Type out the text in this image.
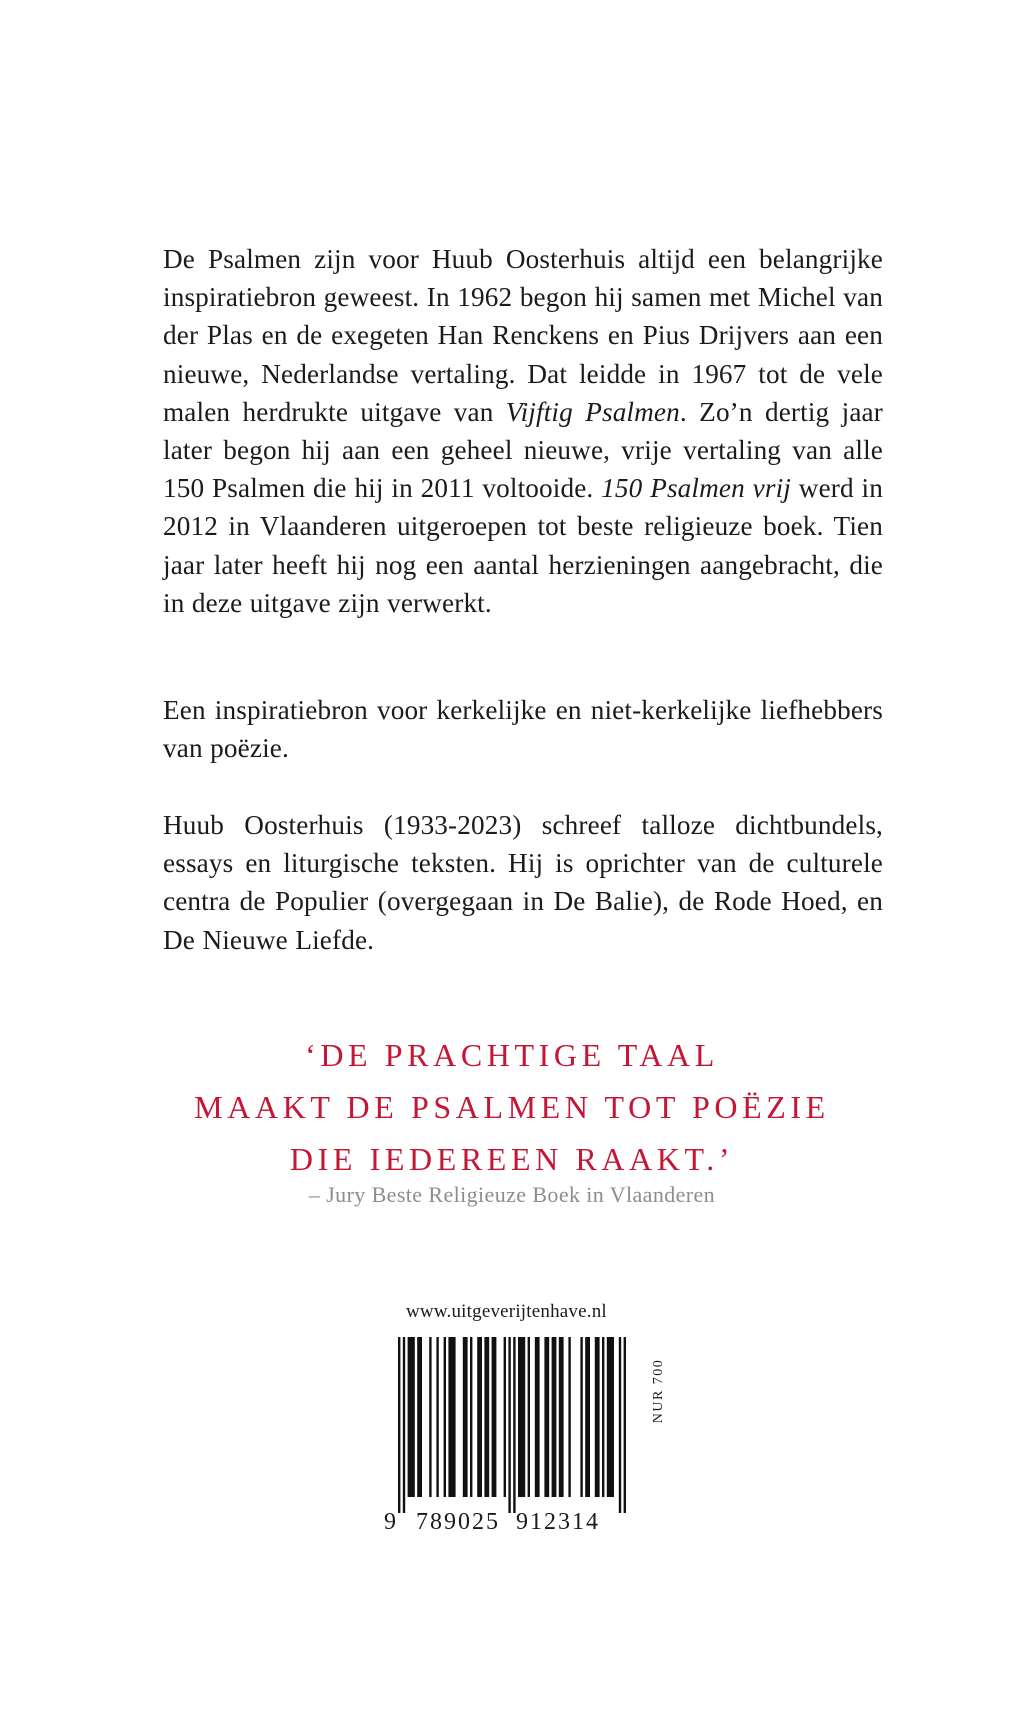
De Psalmen zijn voor Huub Oosterhuis altijd een belangrijke inspiratiebron geweest. In 1962 begon hij samen met Michel van der Plas en de exegeten Han Renckens en Pius Drijvers aan een nieuwe, Nederlandse vertaling. Dat leidde in 1967 tot de vele malen herdrukte uitgave van Vijftig Psalmen. Zo’n dertig jaar later begon hij aan een geheel nieuwe, vrije vertaling van alle 150 Psalmen die hij in 2011 voltooide. 150 Psalmen vrij werd in 2012 in Vlaanderen uitgeroepen tot beste religieuze boek. Tien jaar later heeft hij nog een aantal herzieningen aangebracht, die in deze uitgave zijn verwerkt.

Een inspiratiebron voor kerkelijke en niet-kerkelijke liefhebbers van poëzie.

Huub Oosterhuis (1933-2023) schreef talloze dichtbundels, essays en liturgische teksten. Hij is oprichter van de culturele centra de Populier (overgegaan in De Balie), de Rode Hoed, en De Nieuwe Liefde.

‘DE PRACHTIGE TAAL
MAAKT DE PSALMEN TOT POËZIE
DIE IEDEREEN RAAKT.’
– Jury Beste Religieuze Boek in Vlaanderen
www.uitgeverijtenhave.nl
9 789025 912314
NUR 700
